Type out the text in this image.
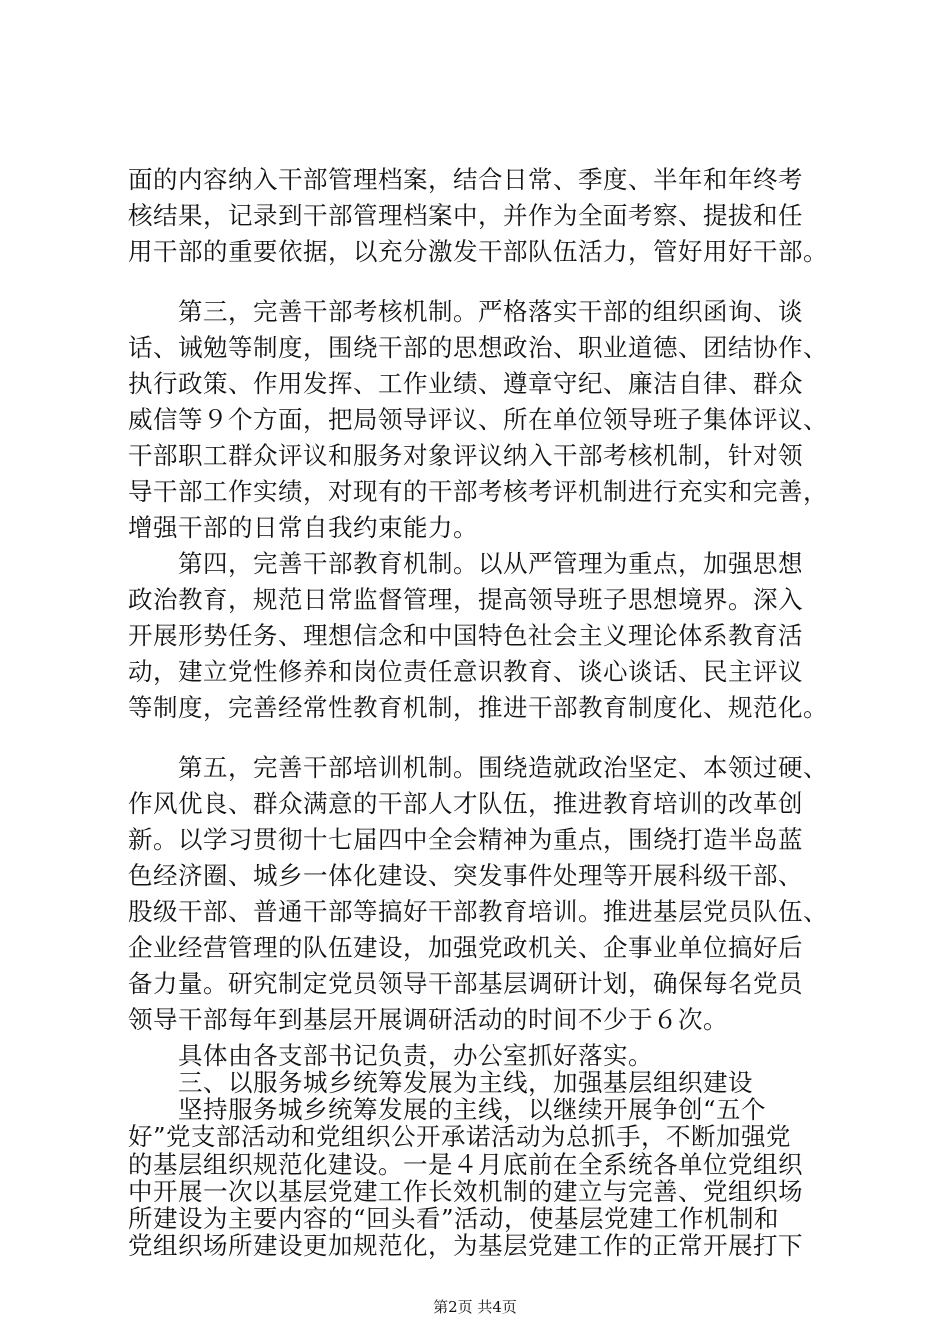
面的内容纳入干部管理档案，结合日常、季度、半年和年终考
核结果，记录到干部管理档案中，并作为全面考察、提拔和任
用干部的重要依据，以充分激发干部队伍活力，管好用好干部。
　　第三，完善干部考核机制。严格落实干部的组织函询、谈
话、诫勉等制度，围绕干部的思想政治、职业道德、团结协作、
执行政策、作用发挥、工作业绩、遵章守纪、廉洁自律、群众
威信等９个方面，把局领导评议、所在单位领导班子集体评议、
干部职工群众评议和服务对象评议纳入干部考核机制，针对领
导干部工作实绩，对现有的干部考核考评机制进行充实和完善，
增强干部的日常自我约束能力。
　　第四，完善干部教育机制。以从严管理为重点，加强思想
政治教育，规范日常监督管理，提高领导班子思想境界。深入
开展形势任务、理想信念和中国特色社会主义理论体系教育活
动，建立党性修养和岗位责任意识教育、谈心谈话、民主评议
等制度，完善经常性教育机制，推进干部教育制度化、规范化。
　　第五，完善干部培训机制。围绕造就政治坚定、本领过硬、
作风优良、群众满意的干部人才队伍，推进教育培训的改革创
新。以学习贯彻十七届四中全会精神为重点，围绕打造半岛蓝
色经济圈、城乡一体化建设、突发事件处理等开展科级干部、
股级干部、普通干部等搞好干部教育培训。推进基层党员队伍、
企业经营管理的队伍建设，加强党政机关、企事业单位搞好后
备力量。研究制定党员领导干部基层调研计划，确保每名党员
领导干部每年到基层开展调研活动的时间不少于６次。
　　具体由各支部书记负责，办公室抓好落实。
　　三、以服务城乡统筹发展为主线，加强基层组织建设
　　坚持服务城乡统筹发展的主线，以继续开展争创“五个
好”党支部活动和党组织公开承诺活动为总抓手，不断加强党
的基层组织规范化建设。一是４月底前在全系统各单位党组织
中开展一次以基层党建工作长效机制的建立与完善、党组织场
所建设为主要内容的“回头看”活动，使基层党建工作机制和
党组织场所建设更加规范化，为基层党建工作的正常开展打下
第2页 共4页
